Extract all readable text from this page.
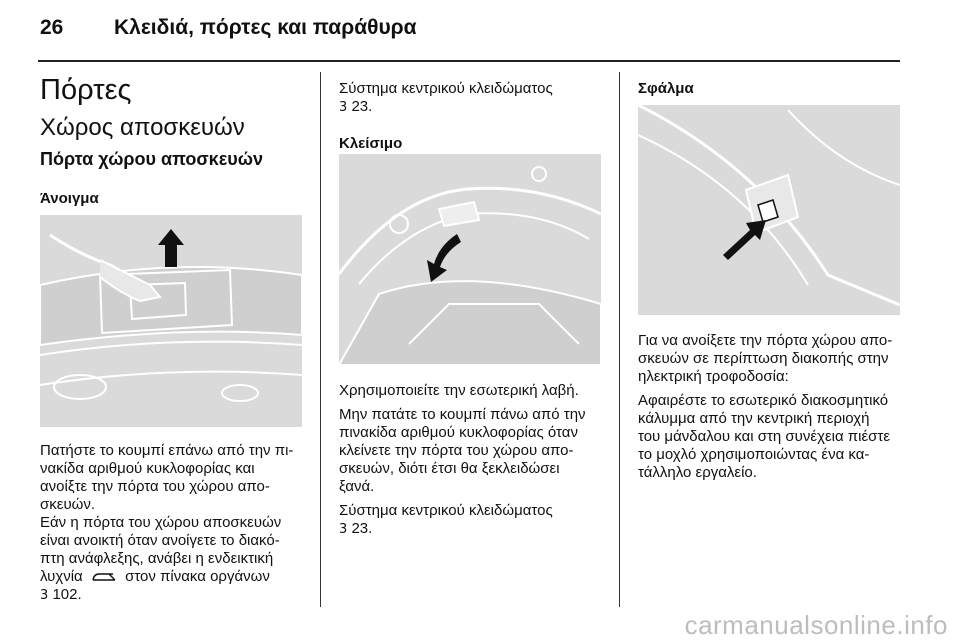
26 Κλειδιά, πόρτες και παράθυρα
Πόρτες
Χώρος αποσκευών
Πόρτα χώρου αποσκευών
Άνοιγμα

Πατήστε το κουμπί επάνω από την πι-
νακίδα αριθμού κυκλοφορίας και
ανοίξτε την πόρτα του χώρου απο-
σκευών.

Εάν η πόρτα του χώρου αποσκευών
είναι ανοικτή όταν ανοίγετε το διακό-
πτη ανάφλεξης, ανάβει η ενδεικτική
λυχνία	στον πίνακα οργάνων

3 102.

Σύστημα κεντρικού κλειδώματος

3 23.

Κλείσιμο

Χρησιμοποιείτε την εσωτερική λαβή.

Μην πατάτε το κουμπί πάνω από την
πινακίδα αριθμού κυκλοφορίας όταν
κλείνετε την πόρτα του χώρου απο-
σκευών, διότι έτσι θα ξεκλειδώσει
ξανά.

Σύστημα κεντρικού κλειδώματος

3 23.

Σφάλμα

Για να ανοίξετε την πόρτα χώρου απο-
σκευών σε περίπτωση διακοπής στην
ηλεκτρική τροφοδοσία:

Αφαιρέστε το εσωτερικό διακοσμητικό
κάλυμμα από την κεντρική περιοχή
του μάνδαλου και στη συνέχεια πιέστε
το μοχλό χρησιμοποιώντας ένα κα-
τάλληλο εργαλείο.

carmanualsonline.info
